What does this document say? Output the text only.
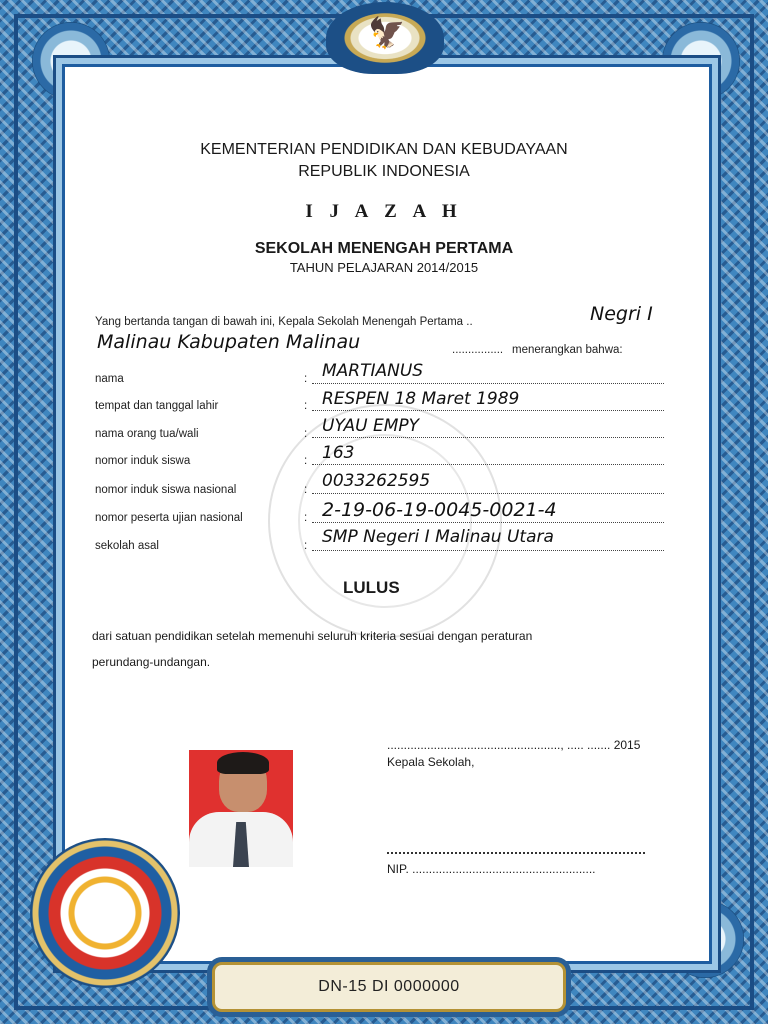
🦅
KEMENTERIAN PENDIDIKAN DAN KEBUDAYAAN
REPUBLIK INDONESIA
I J A Z A H
SEKOLAH MENENGAH PERTAMA
TAHUN PELAJARAN 2014/2015
Yang bertanda tangan di bawah ini, Kepala Sekolah Menengah Pertama ..	Negri I
Malinau Kabupaten Malinau	................ menerangkan bahwa:
nama	: MARTIANUS
tempat dan tanggal lahir	: RESPEN 18 Maret 1989
nama orang tua/wali	: UYAU EMPY
nomor induk siswa	: 163
nomor induk siswa nasional	: 0033262595
nomor peserta ujian nasional	: 2-19-06-19-0045-0021-4
sekolah asal	: SMP Negeri I Malinau Utara
LULUS
dari satuan pendidikan setelah memenuhi seluruh kriteria sesuai dengan peraturan
perundang-undangan.
...................................................., ..... ....... 2015
Kepala Sekolah,
NIP. .......................................................
DN-15 DI 0000000
